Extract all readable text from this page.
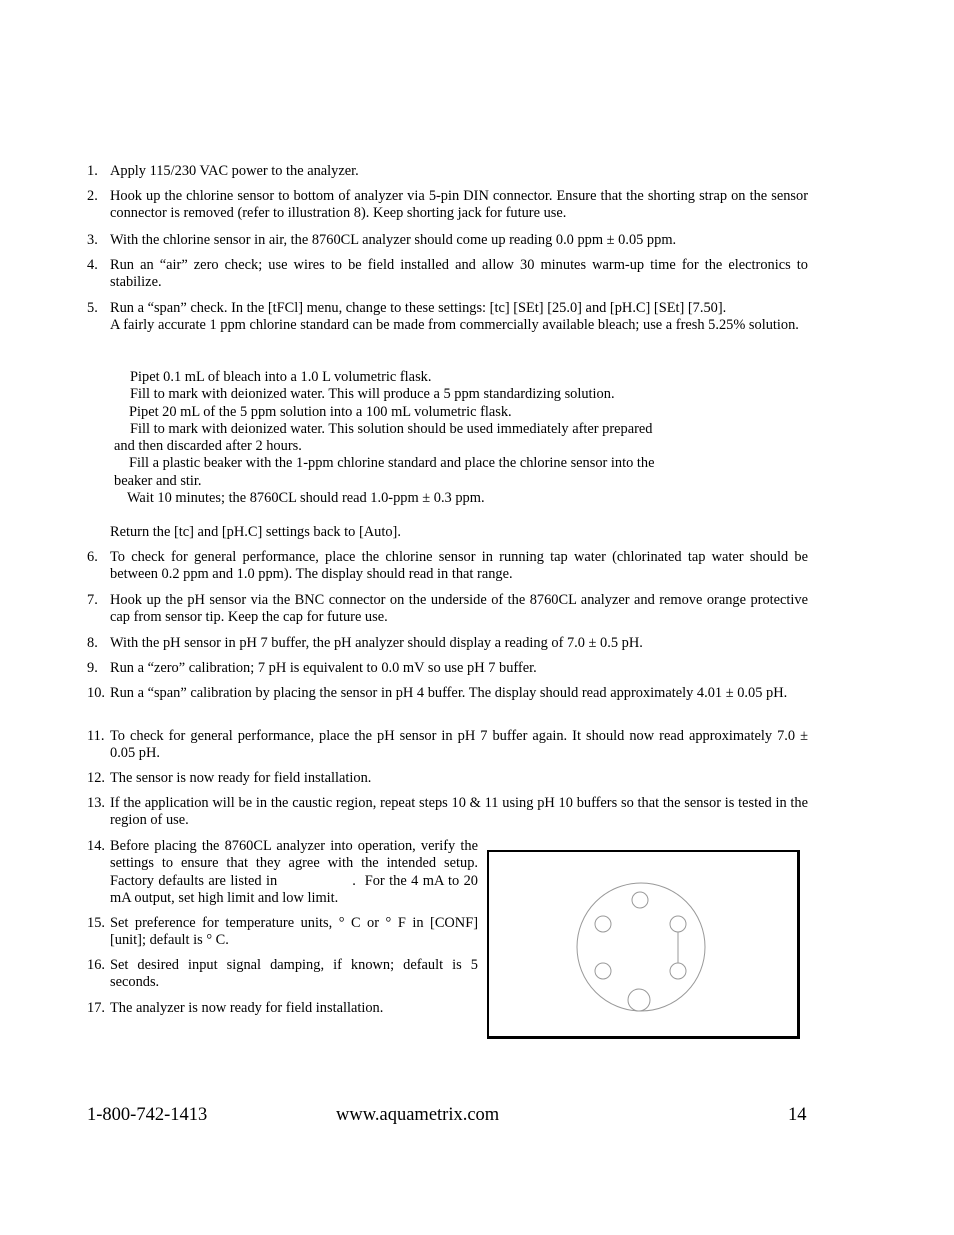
1. Apply 115/230 VAC power to the analyzer.
2. Hook up the chlorine sensor to bottom of analyzer via 5-pin DIN connector. Ensure that the shorting strap on the sensor connector is removed (refer to illustration 8). Keep shorting jack for future use.
3. With the chlorine sensor in air, the 8760CL analyzer should come up reading 0.0 ppm ± 0.05 ppm.
4. Run an “air” zero check; use wires to be field installed and allow 30 minutes warm-up time for the electronics to stabilize.
5. Run a “span” check. In the [tFCl] menu, change to these settings: [tc] [SEt] [25.0] and [pH.C] [SEt] [7.50].
A fairly accurate 1 ppm chlorine standard can be made from commercially available bleach; use a fresh 5.25% solution.

Pipet 0.1 mL of bleach into a 1.0 L volumetric flask.

Fill to mark with deionized water. This will produce a 5 ppm standardizing solution.

Pipet 20 mL of the 5 ppm solution into a 100 mL volumetric flask.

Fill to mark with deionized water. This solution should be used immediately after prepared

and then discarded after 2 hours.

Fill a plastic beaker with the 1-ppm chlorine standard and place the chlorine sensor into the

beaker and stir.

Wait 10 minutes; the 8760CL should read 1.0-ppm ± 0.3 ppm.

Return the [tc] and [pH.C] settings back to [Auto].
6. To check for general performance, place the chlorine sensor in running tap water (chlorinated tap water should be between 0.2 ppm and 1.0 ppm). The display should read in that range.
7. Hook up the pH sensor via the BNC connector on the underside of the 8760CL analyzer and remove orange protective cap from sensor tip. Keep the cap for future use.
8. With the pH sensor in pH 7 buffer, the pH analyzer should display a reading of 7.0 ± 0.5 pH.
9. Run a “zero” calibration; 7 pH is equivalent to 0.0 mV so use pH 7 buffer.
10. Run a “span” calibration by placing the sensor in pH 4 buffer. The display should read approximately 4.01 ± 0.05 pH.
11. To check for general performance, place the pH sensor in pH 7 buffer again. It should now read approximately 7.0 ± 0.05 pH.
12. The sensor is now ready for field installation.
13. If the application will be in the caustic region, repeat steps 10 & 11 using pH 10 buffers so that the sensor is tested in the region of use.
14. Before placing the 8760CL analyzer into operation, verify the settings to ensure that they agree with the intended setup.  Factory defaults are listed in                 .  For the 4 mA to 20 mA output, set high limit and low limit.
15. Set preference for temperature units, ° C or ° F in [CONF] [unit]; default is ° C.
16. Set desired input signal damping, if known; default is 5 seconds.
17. The analyzer is now ready for field installation.
1-800-742-1413	www.aquametrix.com	14
